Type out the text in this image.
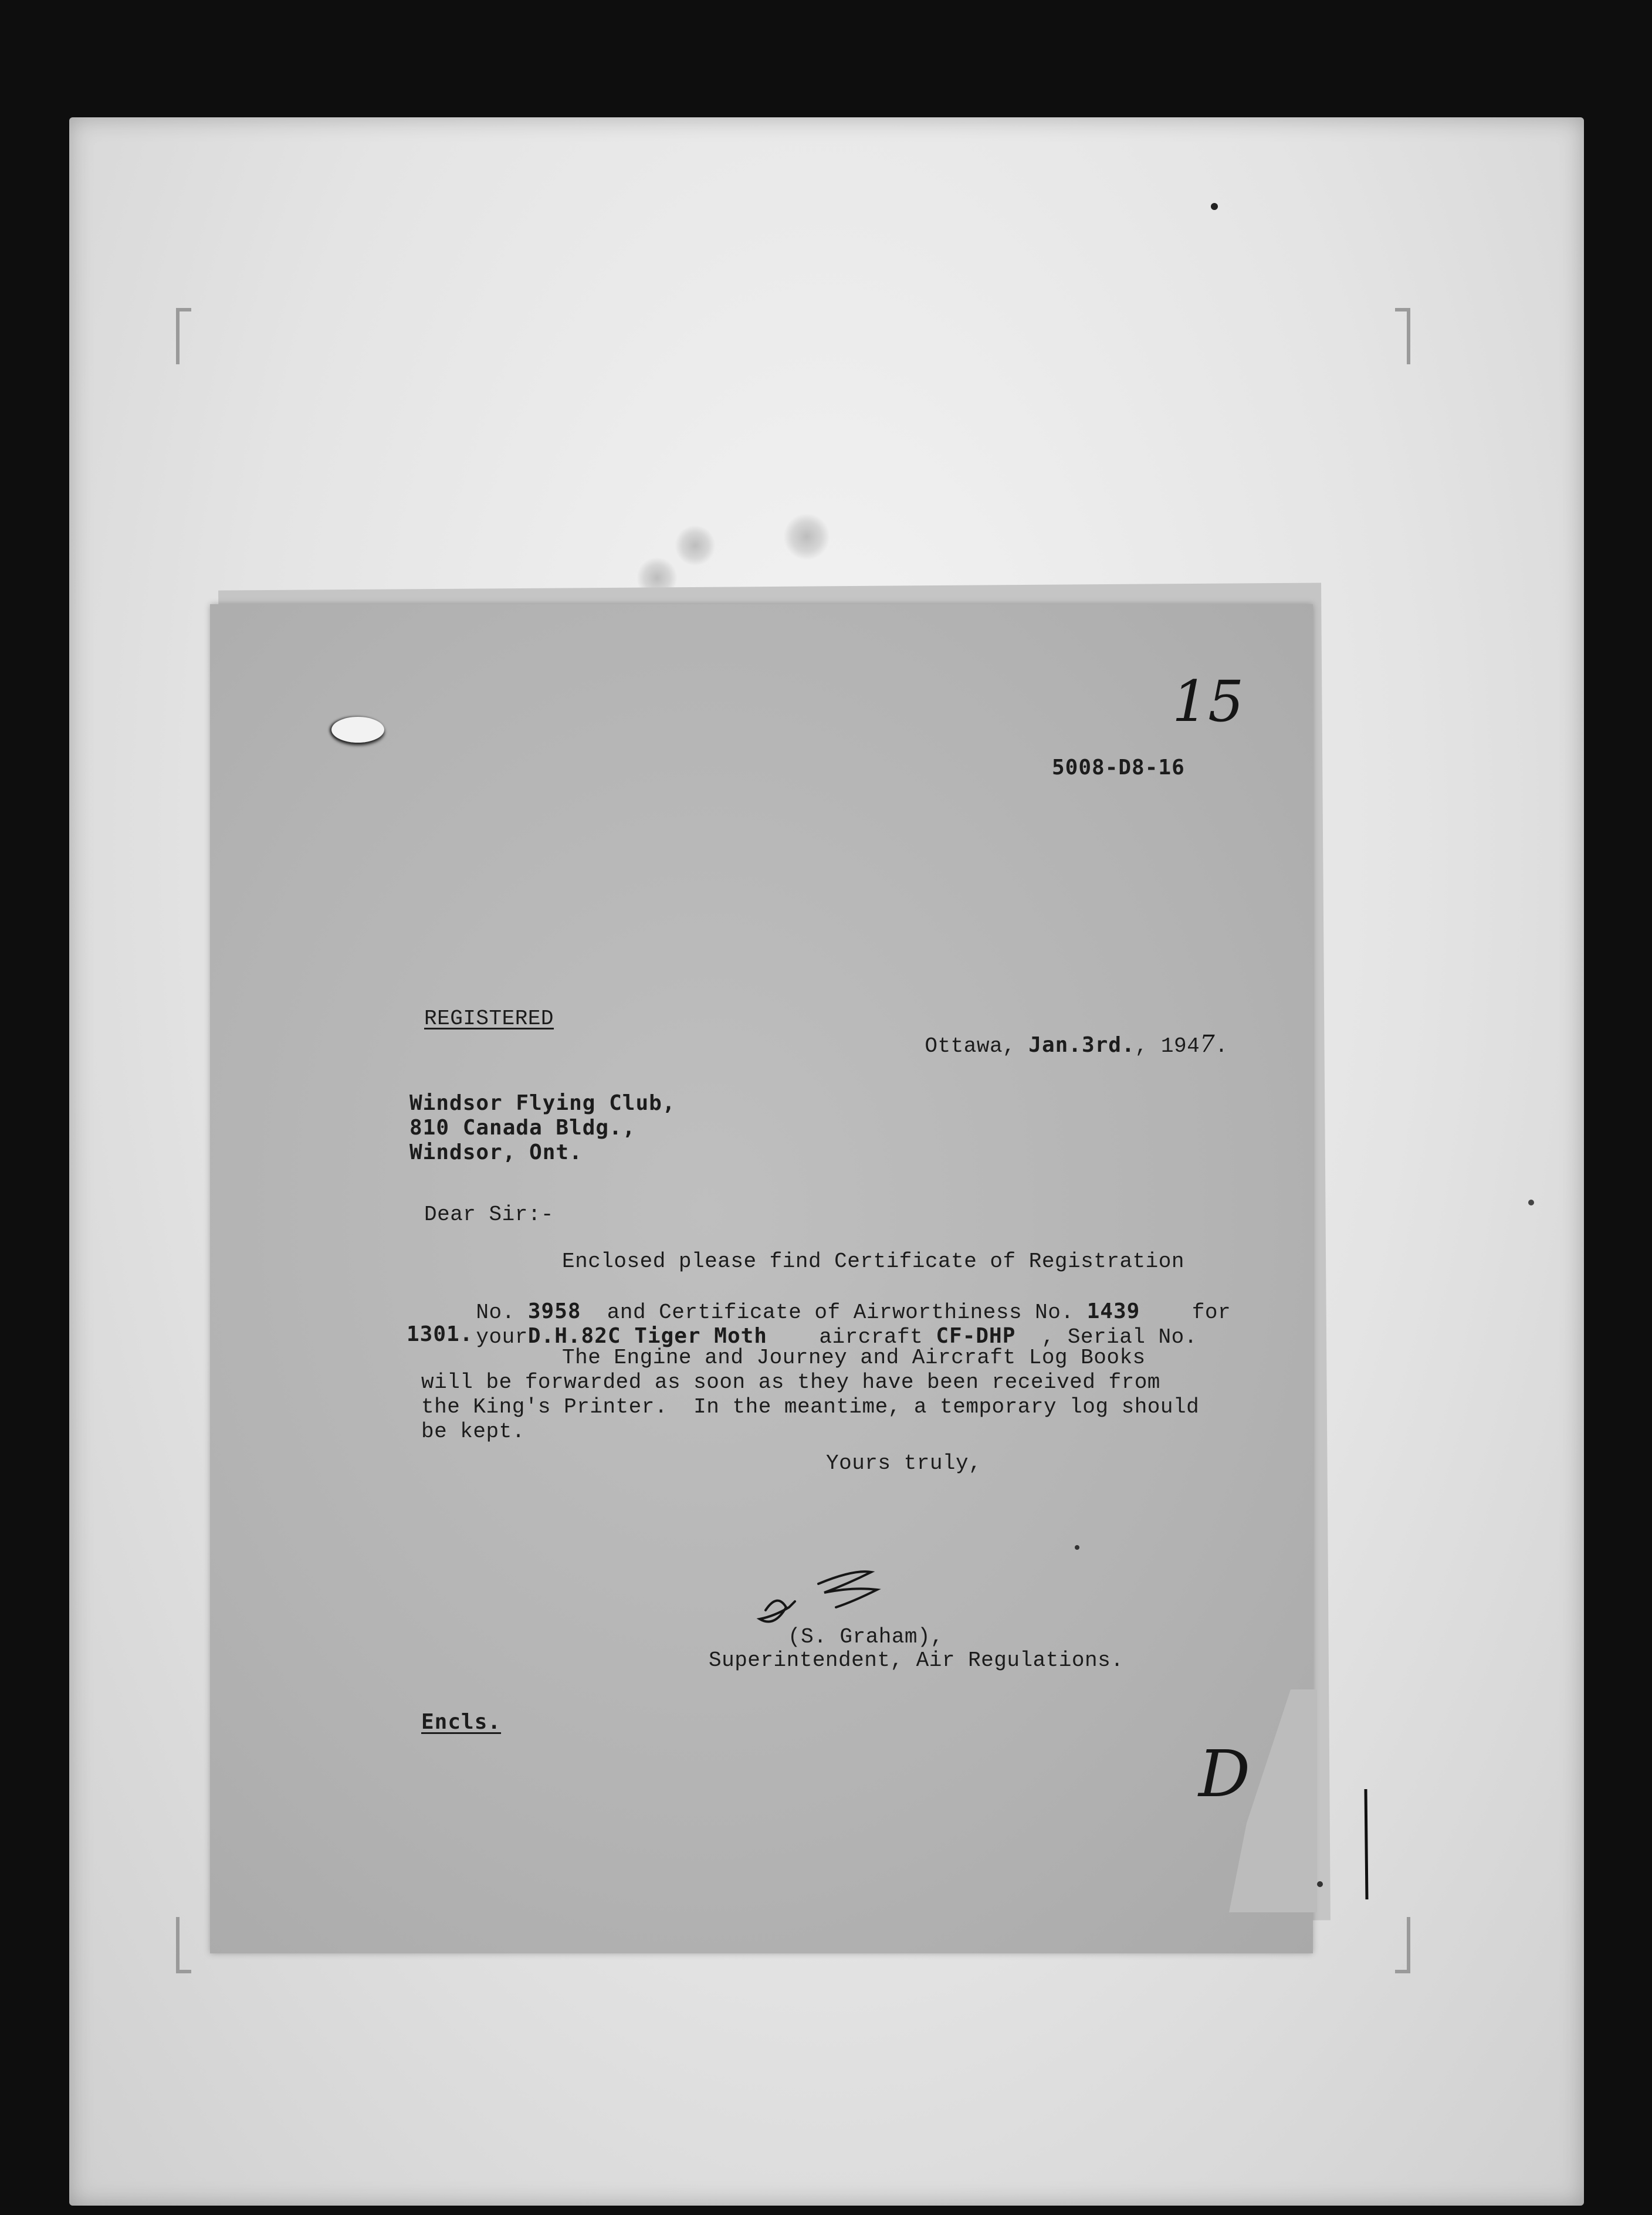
15
5008-D8-16
REGISTERED

Ottawa, Jan.3rd., 1947.

Windsor Flying Club,
810 Canada Bldg.,
Windsor, Ont.
Dear Sir:-
Enclosed please find Certificate of Registration

No. 3958 and Certificate of Airworthiness No. 1439 for

yourD.H.82C Tiger Moth aircraft CF-DHP , Serial No.

1301.
The Engine and Journey and Aircraft Log Books
will be forwarded as soon as they have been received from
the King's Printer.  In the meantime, a temporary log should
be kept.
Yours truly,
(S. Graham),
Superintendent, Air Regulations.
Encls.
D
